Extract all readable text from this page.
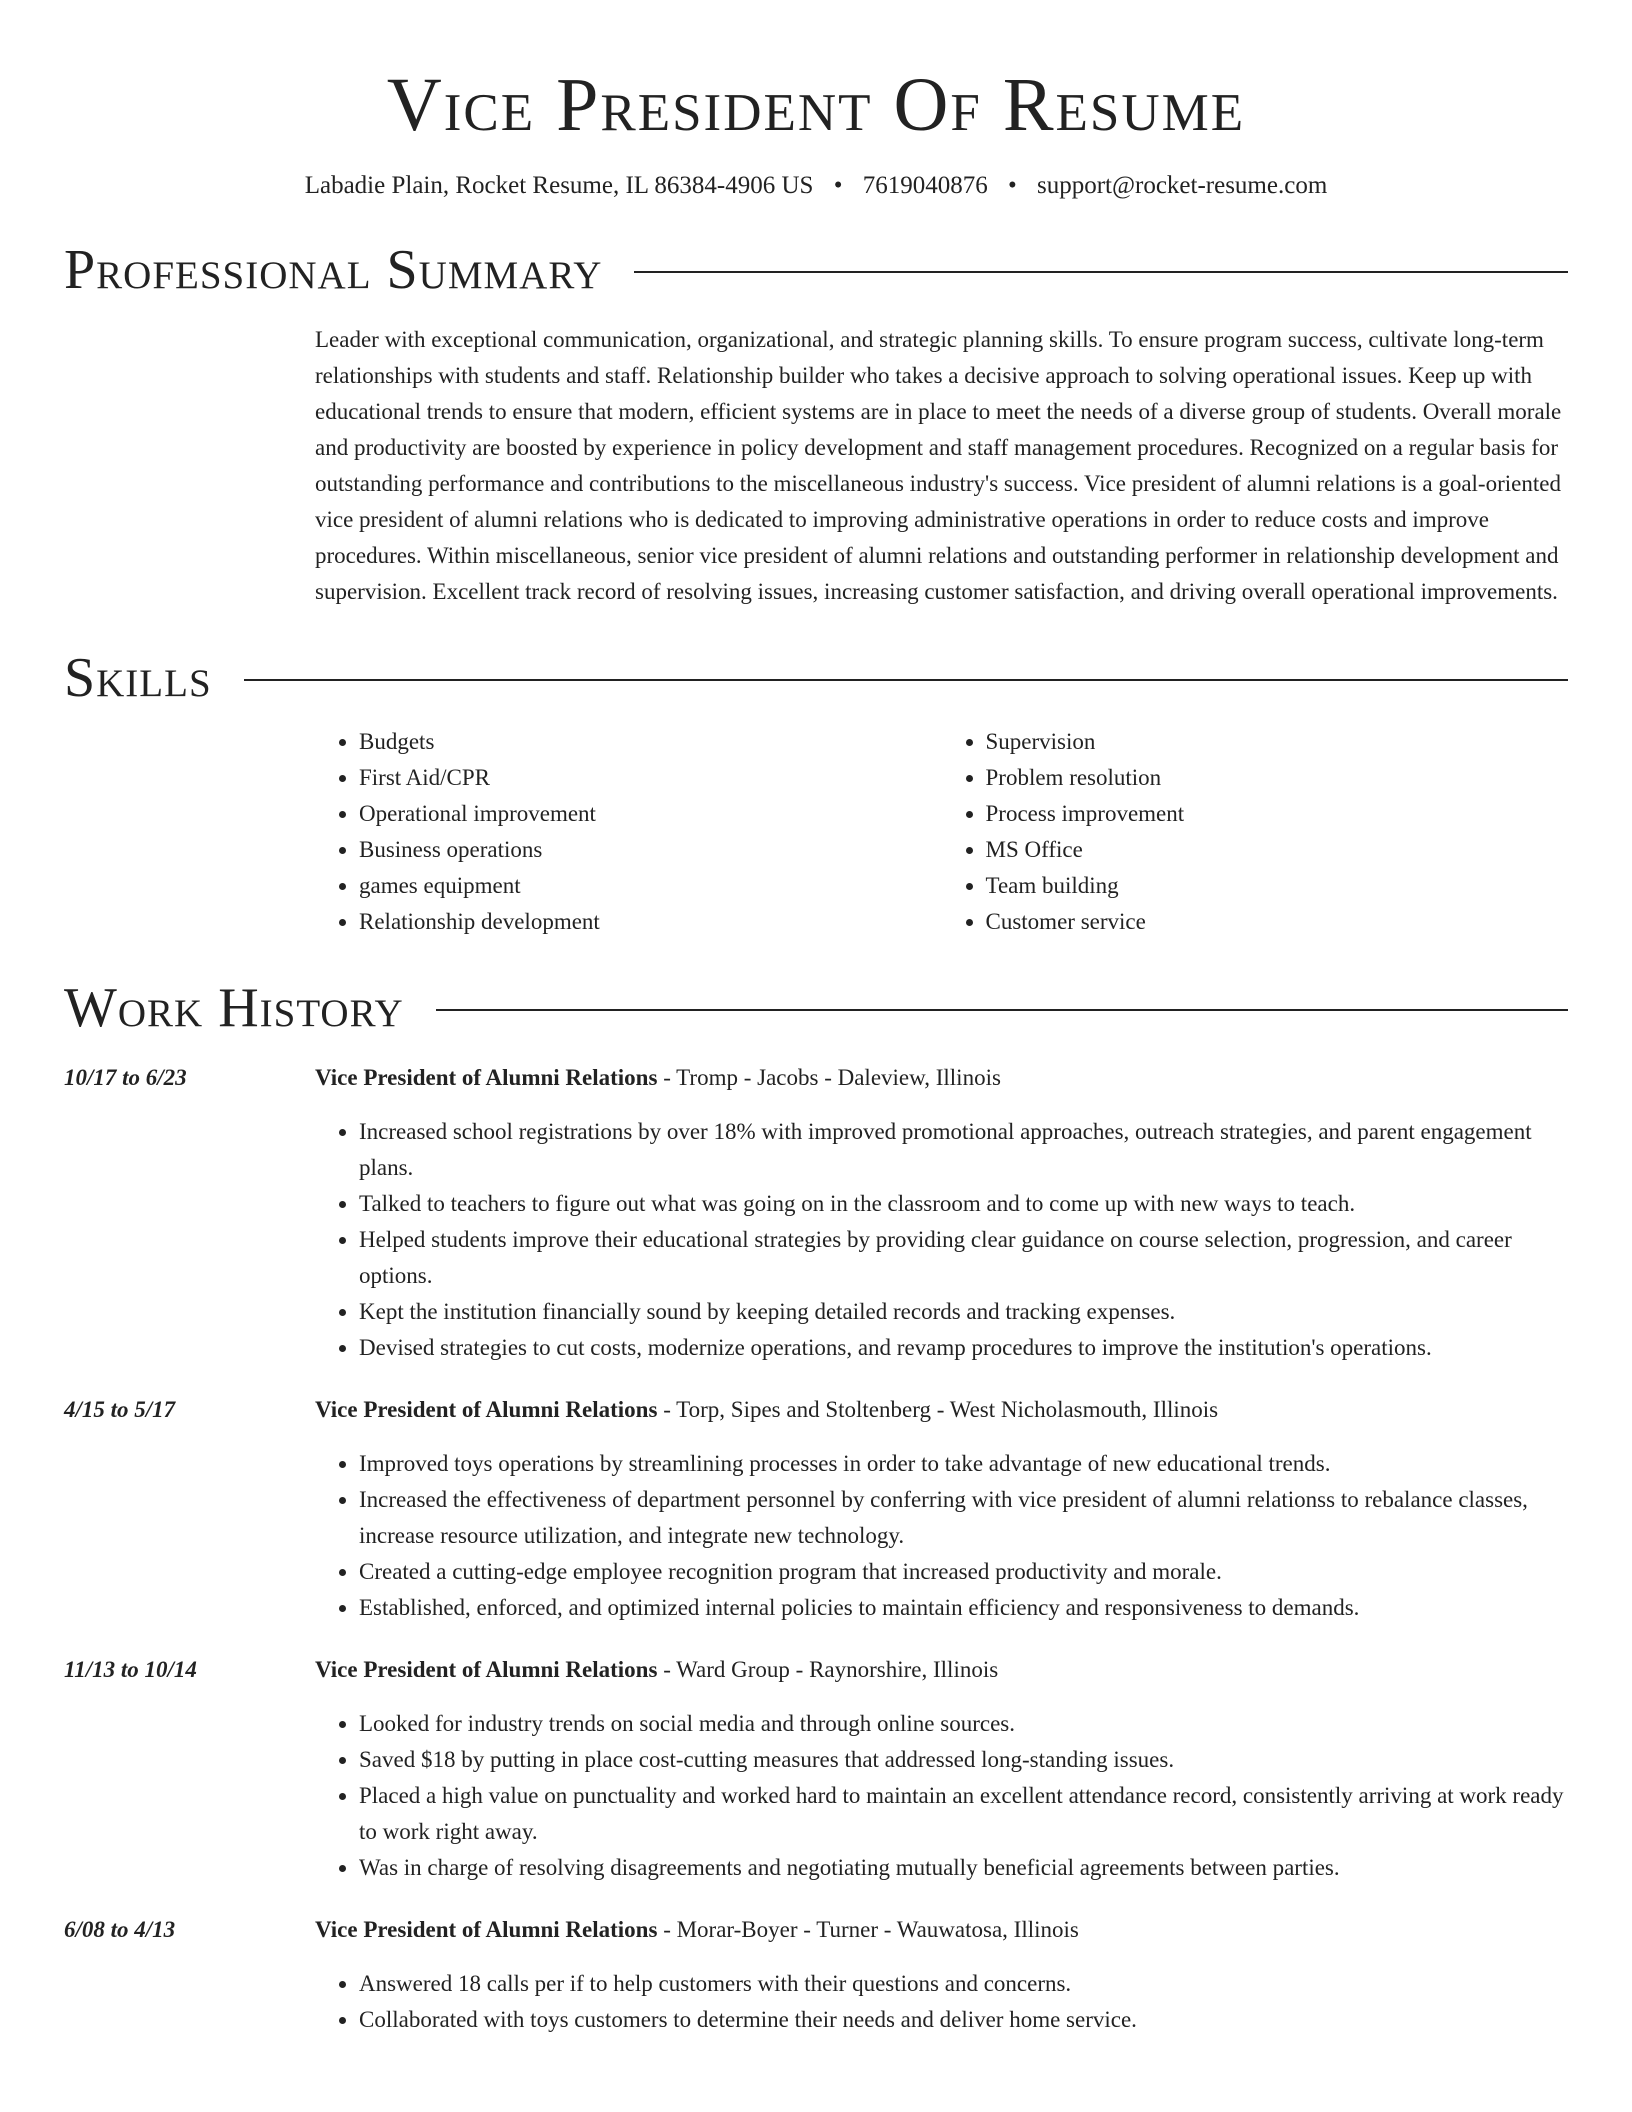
Vice President Of Resume
Labadie Plain, Rocket Resume, IL 86384-4906 US • 7619040876 • support@rocket-resume.com
Professional Summary
Leader with exceptional communication, organizational, and strategic planning skills. To ensure program success, cultivate long-term relationships with students and staff. Relationship builder who takes a decisive approach to solving operational issues. Keep up with educational trends to ensure that modern, efficient systems are in place to meet the needs of a diverse group of students. Overall morale and productivity are boosted by experience in policy development and staff management procedures. Recognized on a regular basis for outstanding performance and contributions to the miscellaneous industry's success. Vice president of alumni relations is a goal-oriented vice president of alumni relations who is dedicated to improving administrative operations in order to reduce costs and improve procedures. Within miscellaneous, senior vice president of alumni relations and outstanding performer in relationship development and supervision. Excellent track record of resolving issues, increasing customer satisfaction, and driving overall operational improvements.
Skills
• Budgets
• First Aid/CPR
• Operational improvement
• Business operations
• games equipment
• Relationship development
• Supervision
• Problem resolution
• Process improvement
• MS Office
• Team building
• Customer service
Work History
10/17 to 6/23	Vice President of Alumni Relations - Tromp - Jacobs - Daleview, Illinois
• Increased school registrations by over 18% with improved promotional approaches, outreach strategies, and parent engagement plans.
• Talked to teachers to figure out what was going on in the classroom and to come up with new ways to teach.
• Helped students improve their educational strategies by providing clear guidance on course selection, progression, and career options.
• Kept the institution financially sound by keeping detailed records and tracking expenses.
• Devised strategies to cut costs, modernize operations, and revamp procedures to improve the institution's operations.
4/15 to 5/17	Vice President of Alumni Relations - Torp, Sipes and Stoltenberg - West Nicholasmouth, Illinois
• Improved toys operations by streamlining processes in order to take advantage of new educational trends.
• Increased the effectiveness of department personnel by conferring with vice president of alumni relationss to rebalance classes, increase resource utilization, and integrate new technology.
• Created a cutting-edge employee recognition program that increased productivity and morale.
• Established, enforced, and optimized internal policies to maintain efficiency and responsiveness to demands.
11/13 to 10/14	Vice President of Alumni Relations - Ward Group - Raynorshire, Illinois
• Looked for industry trends on social media and through online sources.
• Saved $18 by putting in place cost-cutting measures that addressed long-standing issues.
• Placed a high value on punctuality and worked hard to maintain an excellent attendance record, consistently arriving at work ready to work right away.
• Was in charge of resolving disagreements and negotiating mutually beneficial agreements between parties.
6/08 to 4/13	Vice President of Alumni Relations - Morar-Boyer - Turner - Wauwatosa, Illinois
• Answered 18 calls per if to help customers with their questions and concerns.
• Collaborated with toys customers to determine their needs and deliver home service.
